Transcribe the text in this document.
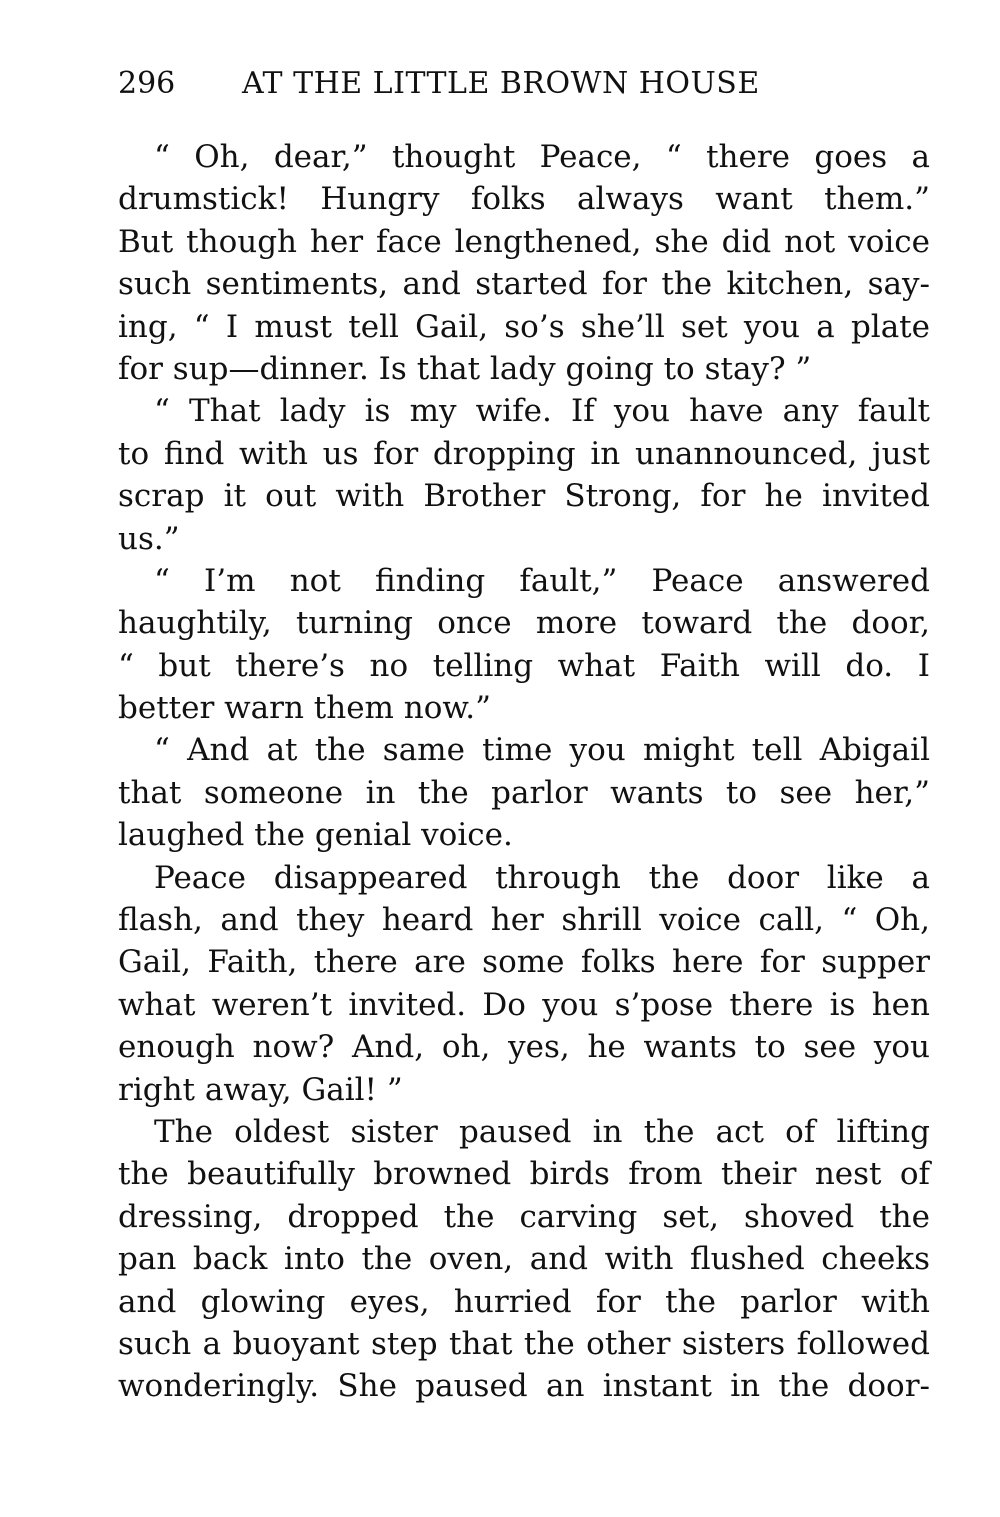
296 AT THE LITTLE BROWN HOUSE
“ Oh, dear,” thought Peace, “ there goes a
drumstick! Hungry folks always want them.”
But though her face lengthened, she did not voice
such sentiments, and started for the kitchen, say-
ing, “ I must tell Gail, so’s she’ll set you a plate
for sup—dinner. Is that lady going to stay? ”
“ That lady is my wife. If you have any fault
to find with us for dropping in unannounced, just
scrap it out with Brother Strong, for he invited
us.”
“ I’m not finding fault,” Peace answered
haughtily, turning once more toward the door,
“ but there’s no telling what Faith will do. I
better warn them now.”
“ And at the same time you might tell Abigail
that someone in the parlor wants to see her,”
laughed the genial voice.
Peace disappeared through the door like a
flash, and they heard her shrill voice call, “ Oh,
Gail, Faith, there are some folks here for supper
what weren’t invited. Do you s’pose there is hen
enough now? And, oh, yes, he wants to see you
right away, Gail! ”
The oldest sister paused in the act of lifting
the beautifully browned birds from their nest of
dressing, dropped the carving set, shoved the
pan back into the oven, and with flushed cheeks
and glowing eyes, hurried for the parlor with
such a buoyant step that the other sisters followed
wonderingly. She paused an instant in the door-
